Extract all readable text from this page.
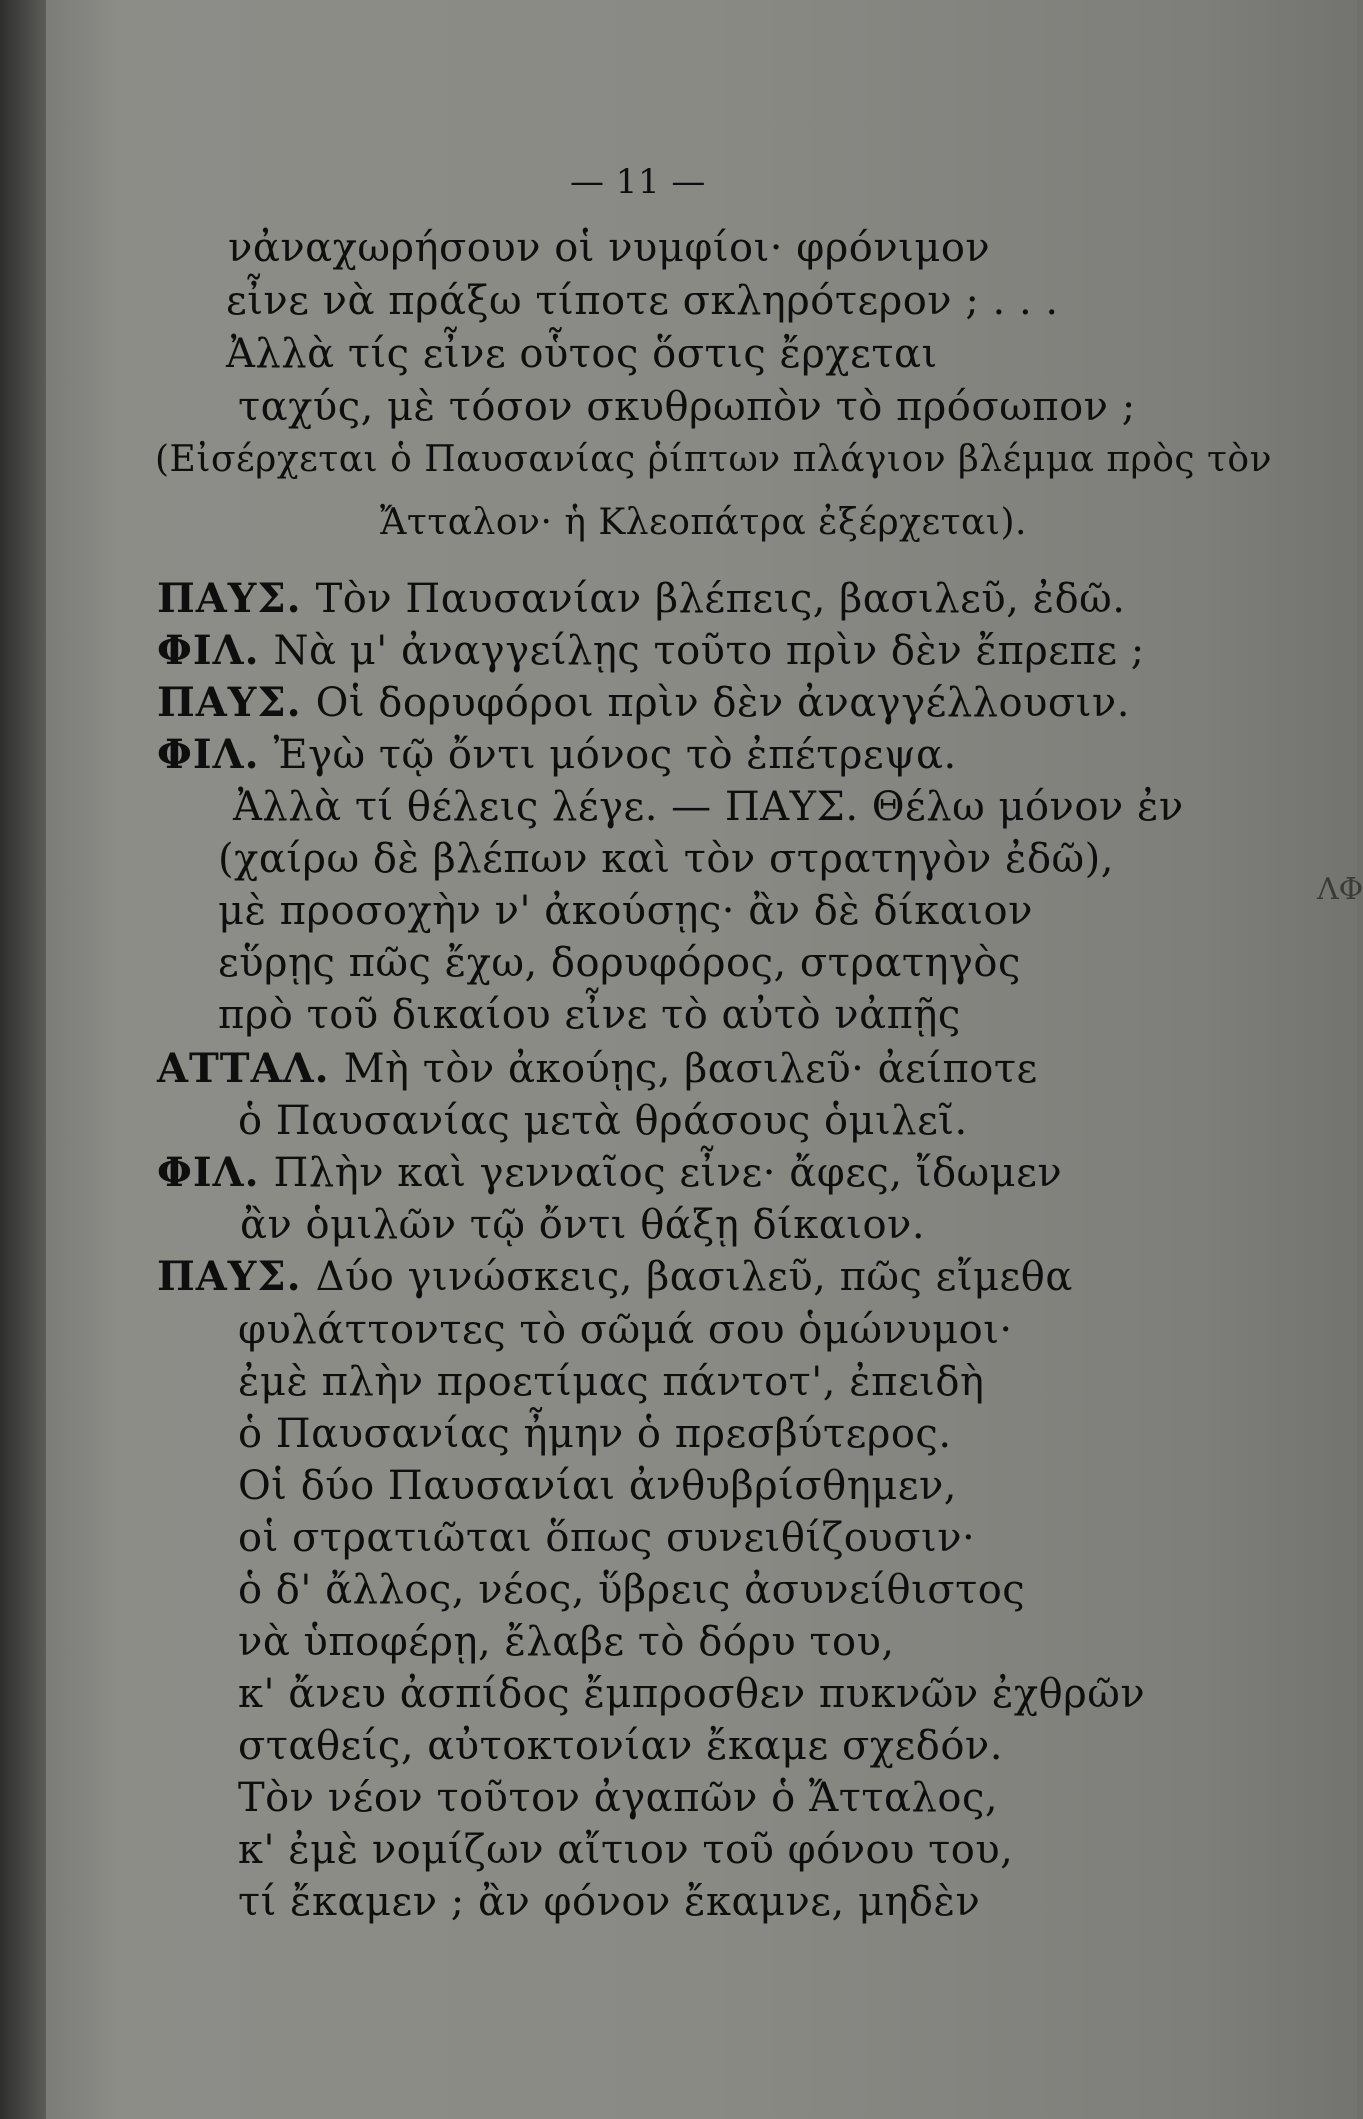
ΛΦ
— 11 —
νἀναχωρήσουν οἱ νυμφίοι· φρόνιμον
εἶνε νὰ πράξω τίποτε σκληρότερον ; . . .
Ἀλλὰ τίς εἶνε οὗτος ὅστις ἔρχεται
ταχύς, μὲ τόσον σκυθρωπὸν τὸ πρόσωπον ;
(Εἰσέρχεται ὁ Παυσανίας ῥίπτων πλάγιον βλέμμα πρὸς τὸν
Ἄτταλον· ἡ Κλεοπάτρα ἐξέρχεται).
ΠΑΥΣ. Τὸν Παυσανίαν βλέπεις, βασιλεῦ, ἐδῶ.
ΦΙΛ. Νὰ μ' ἀναγγείλῃς τοῦτο πρὶν δὲν ἔπρεπε ;
ΠΑΥΣ. Οἱ δορυφόροι πρὶν δὲν ἀναγγέλλουσιν.
ΦΙΛ. Ἐγὼ τῷ ὄντι μόνος τὸ ἐπέτρεψα.
Ἀλλὰ τί θέλεις λέγε. — ΠΑΥΣ. Θέλω μόνον ἐν
(χαίρω δὲ βλέπων καὶ τὸν στρατηγὸν ἐδῶ),
μὲ προσοχὴν ν' ἀκούσῃς· ἂν δὲ δίκαιον
εὕρῃς πῶς ἔχω, δορυφόρος, στρατηγὸς
πρὸ τοῦ δικαίου εἶνε τὸ αὐτὸ νἀπῇς
ΑΤΤΑΛ. Μὴ τὸν ἀκούῃς, βασιλεῦ· ἀείποτε
ὁ Παυσανίας μετὰ θράσους ὁμιλεῖ.
ΦΙΛ. Πλὴν καὶ γενναῖος εἶνε· ἄφες, ἴδωμεν
ἂν ὁμιλῶν τῷ ὄντι θάξῃ δίκαιον.
ΠΑΥΣ. Δύο γινώσκεις, βασιλεῦ, πῶς εἴμεθα
φυλάττοντες τὸ σῶμά σου ὁμώνυμοι·
ἐμὲ πλὴν προετίμας πάντοτ', ἐπειδὴ
ὁ Παυσανίας ἦμην ὁ πρεσβύτερος.
Οἱ δύο Παυσανίαι ἀνθυβρίσθημεν,
οἱ στρατιῶται ὅπως συνειθίζουσιν·
ὁ δ' ἄλλος, νέος, ὕβρεις ἀσυνείθιστος
νὰ ὑποφέρῃ, ἔλαβε τὸ δόρυ του,
κ' ἄνευ ἀσπίδος ἔμπροσθεν πυκνῶν ἐχθρῶν
σταθείς, αὐτοκτονίαν ἔκαμε σχεδόν.
Τὸν νέον τοῦτον ἀγαπῶν ὁ Ἄτταλος,
κ' ἐμὲ νομίζων αἴτιον τοῦ φόνου του,
τί ἔκαμεν ; ἂν φόνον ἔκαμνε, μηδὲν
